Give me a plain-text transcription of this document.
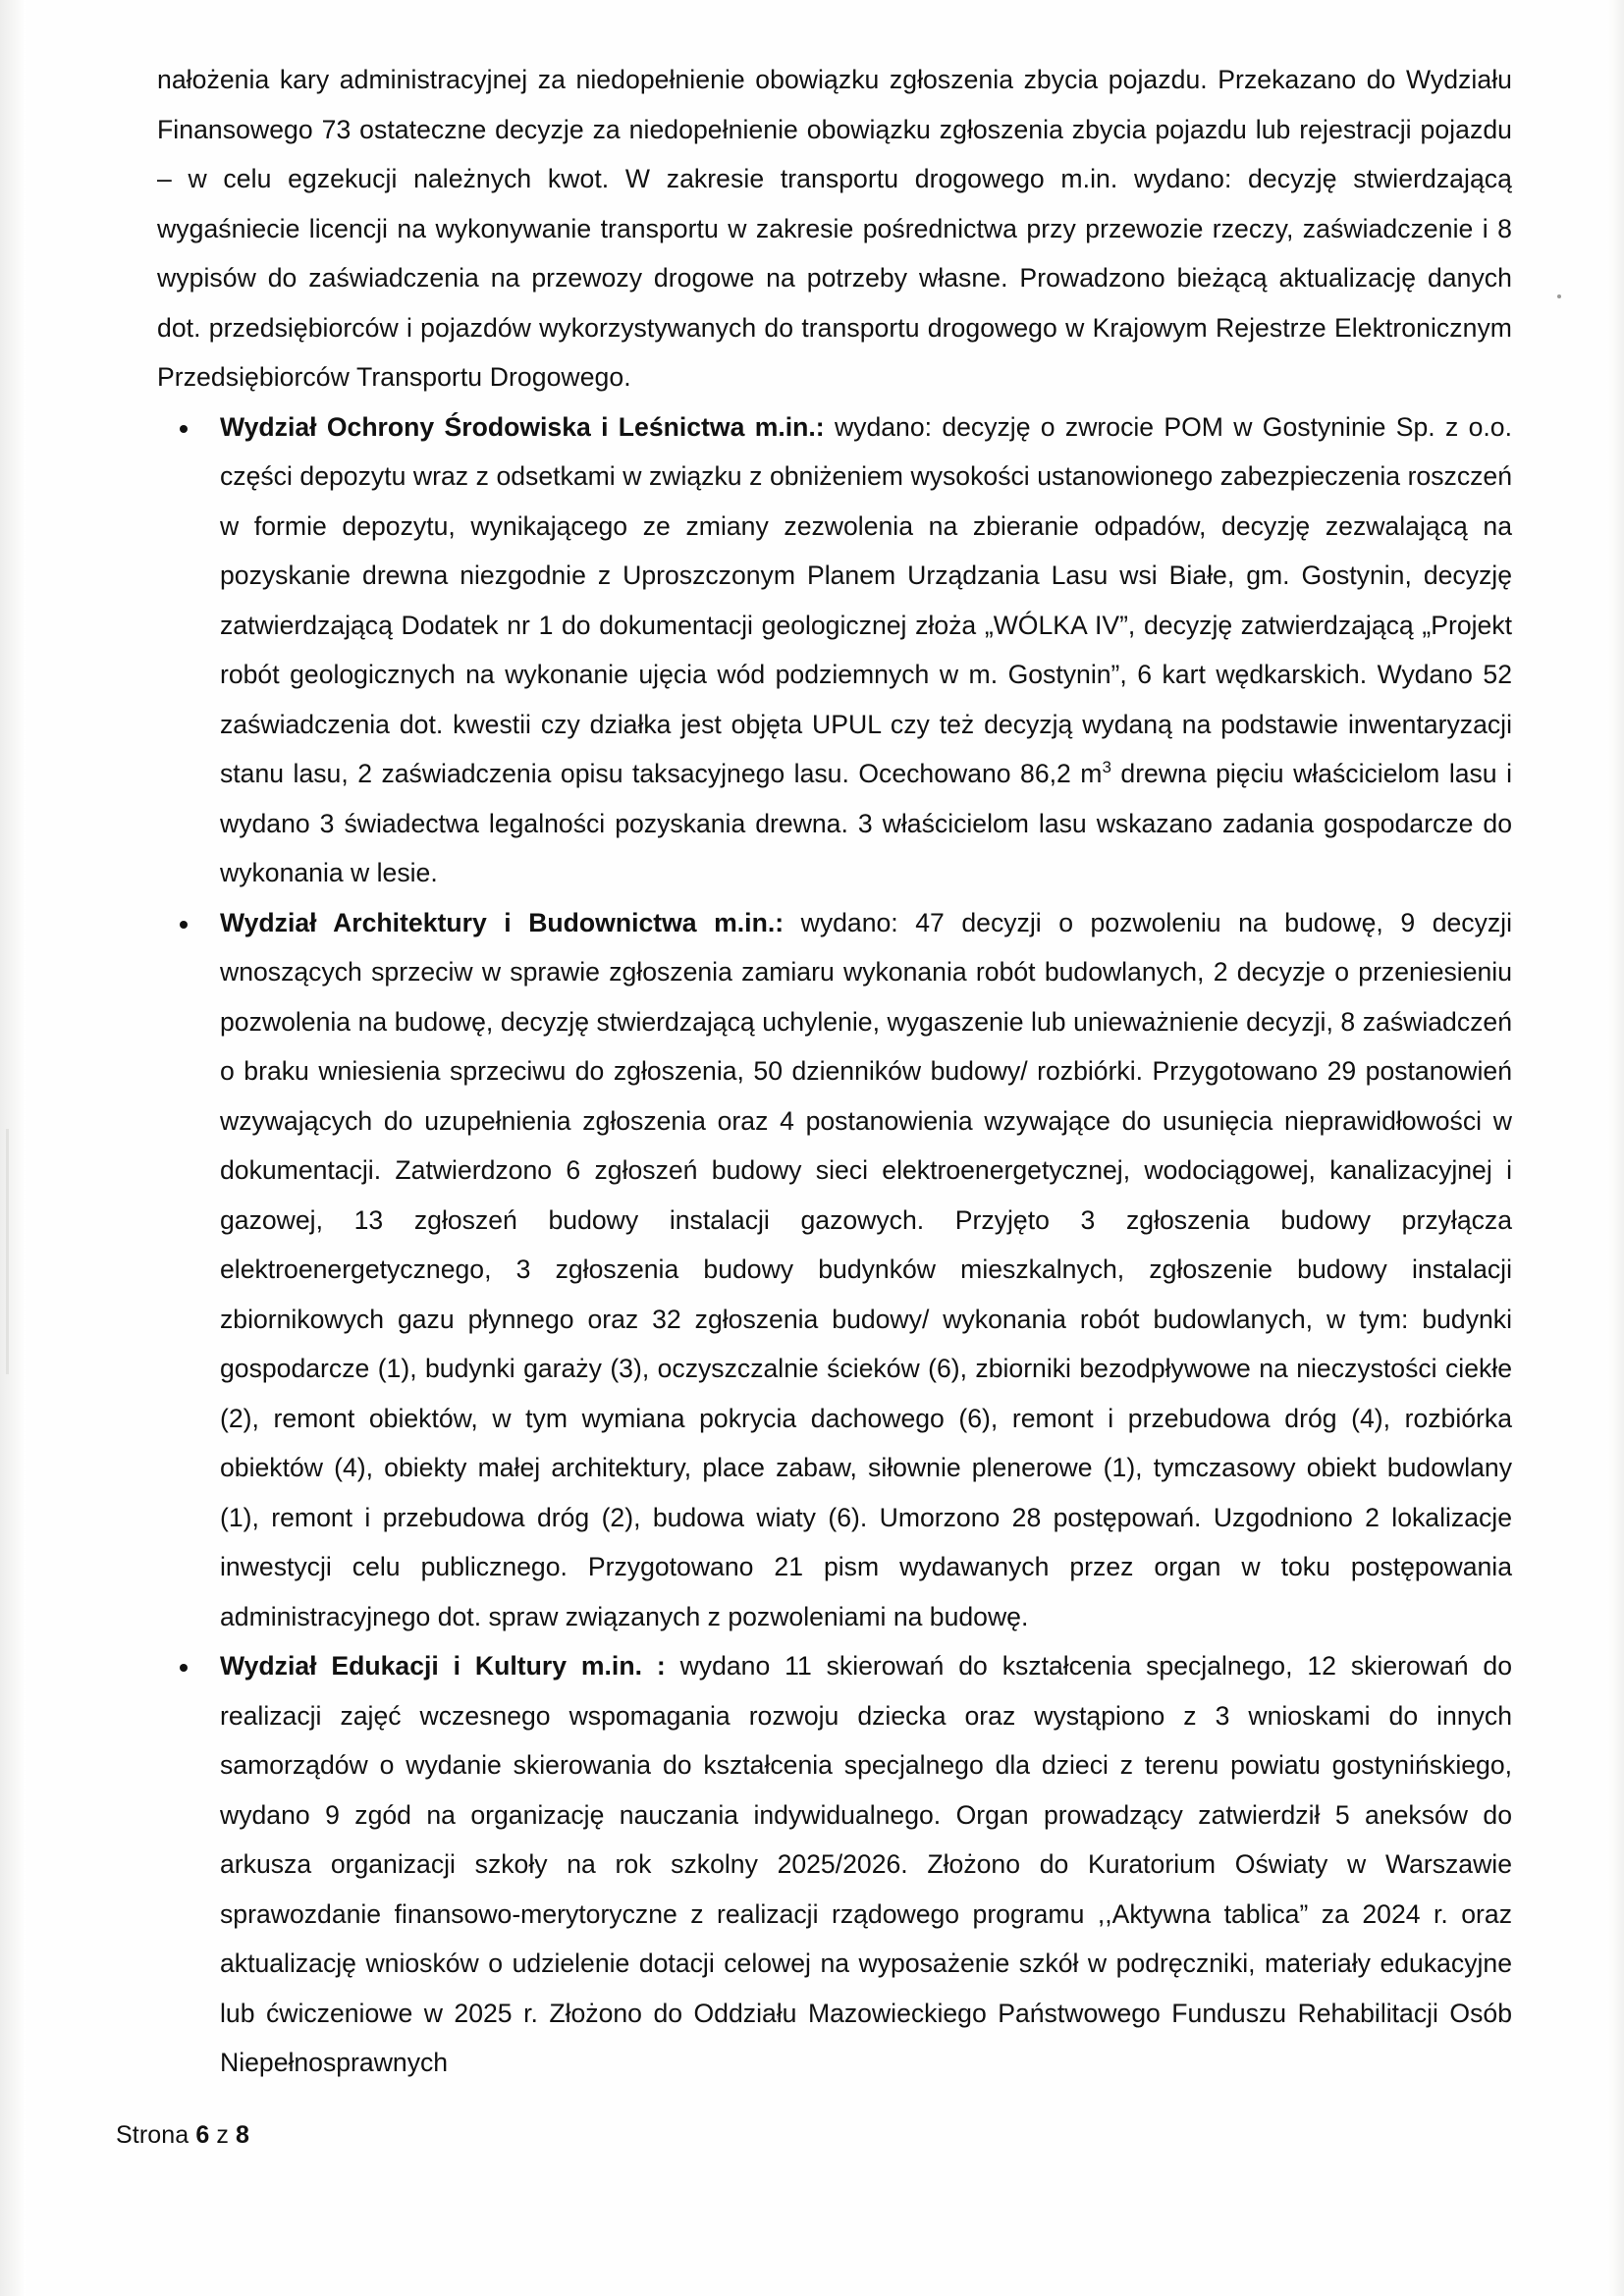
nałożenia kary administracyjnej za niedopełnienie obowiązku zgłoszenia zbycia pojazdu. Przekazano do Wydziału Finansowego 73 ostateczne decyzje za niedopełnienie obowiązku zgłoszenia zbycia pojazdu lub rejestracji pojazdu – w celu egzekucji należnych kwot. W zakresie transportu drogowego m.in. wydano: decyzję stwierdzającą wygaśniecie licencji na wykonywanie transportu w zakresie pośrednictwa przy przewozie rzeczy, zaświadczenie i 8 wypisów do zaświadczenia na przewozy drogowe na potrzeby własne. Prowadzono bieżącą aktualizację danych dot. przedsiębiorców i pojazdów wykorzystywanych do transportu drogowego w Krajowym Rejestrze Elektronicznym Przedsiębiorców Transportu Drogowego.

Wydział Ochrony Środowiska i Leśnictwa m.in.: wydano: decyzję o zwrocie POM w Gostyninie Sp. z o.o. części depozytu wraz z odsetkami w związku z obniżeniem wysokości ustanowionego zabezpieczenia roszczeń w formie depozytu, wynikającego ze zmiany zezwolenia na zbieranie odpadów, decyzję zezwalającą na pozyskanie drewna niezgodnie z Uproszczonym Planem Urządzania Lasu wsi Białe, gm. Gostynin, decyzję zatwierdzającą Dodatek nr 1 do dokumentacji geologicznej złoża „WÓLKA IV”, decyzję zatwierdzającą „Projekt robót geologicznych na wykonanie ujęcia wód podziemnych w m. Gostynin”, 6 kart wędkarskich. Wydano 52 zaświadczenia dot. kwestii czy działka jest objęta UPUL czy też decyzją wydaną na podstawie inwentaryzacji stanu lasu, 2 zaświadczenia opisu taksacyjnego lasu. Ocechowano 86,2 $m^3$ drewna pięciu właścicielom lasu i wydano 3 świadectwa legalności pozyskania drewna. 3 właścicielom lasu wskazano zadania gospodarcze do wykonania w lesie.
Wydział Architektury i Budownictwa m.in.: wydano: 47 decyzji o pozwoleniu na budowę, 9 decyzji wnoszących sprzeciw w sprawie zgłoszenia zamiaru wykonania robót budowlanych, 2 decyzje o przeniesieniu pozwolenia na budowę, decyzję stwierdzającą uchylenie, wygaszenie lub unieważnienie decyzji, 8 zaświadczeń o braku wniesienia sprzeciwu do zgłoszenia, 50 dzienników budowy/ rozbiórki. Przygotowano 29 postanowień wzywających do uzupełnienia zgłoszenia oraz 4 postanowienia wzywające do usunięcia nieprawidłowości w dokumentacji. Zatwierdzono 6 zgłoszeń budowy sieci elektroenergetycznej, wodociągowej, kanalizacyjnej i gazowej, 13 zgłoszeń budowy instalacji gazowych. Przyjęto 3 zgłoszenia budowy przyłącza elektroenergetycznego, 3 zgłoszenia budowy budynków mieszkalnych, zgłoszenie budowy instalacji zbiornikowych gazu płynnego oraz 32 zgłoszenia budowy/ wykonania robót budowlanych, w tym: budynki gospodarcze (1), budynki garaży (3), oczyszczalnie ścieków (6), zbiorniki bezodpływowe na nieczystości ciekłe (2), remont obiektów, w tym wymiana pokrycia dachowego (6), remont i przebudowa dróg (4), rozbiórka obiektów (4), obiekty małej architektury, place zabaw, siłownie plenerowe (1), tymczasowy obiekt budowlany (1), remont i przebudowa dróg (2), budowa wiaty (6). Umorzono 28 postępowań. Uzgodniono 2 lokalizacje inwestycji celu publicznego. Przygotowano 21 pism wydawanych przez organ w toku postępowania administracyjnego dot. spraw związanych z pozwoleniami na budowę.
Wydział Edukacji i Kultury m.in. : wydano 11 skierowań do kształcenia specjalnego, 12 skierowań do realizacji zajęć wczesnego wspomagania rozwoju dziecka oraz wystąpiono z 3 wnioskami do innych samorządów o wydanie skierowania do kształcenia specjalnego dla dzieci z terenu powiatu gostynińskiego, wydano 9 zgód na organizację nauczania indywidualnego. Organ prowadzący zatwierdził 5 aneksów do arkusza organizacji szkoły na rok szkolny 2025/2026. Złożono do Kuratorium Oświaty w Warszawie sprawozdanie finansowo-merytoryczne z realizacji rządowego programu ,,Aktywna tablica” za 2024 r. oraz aktualizację wniosków o udzielenie dotacji celowej na wyposażenie szkół w podręczniki, materiały edukacyjne lub ćwiczeniowe w 2025 r. Złożono do Oddziału Mazowieckiego Państwowego Funduszu Rehabilitacji Osób Niepełnosprawnych
Strona 6 z 8
